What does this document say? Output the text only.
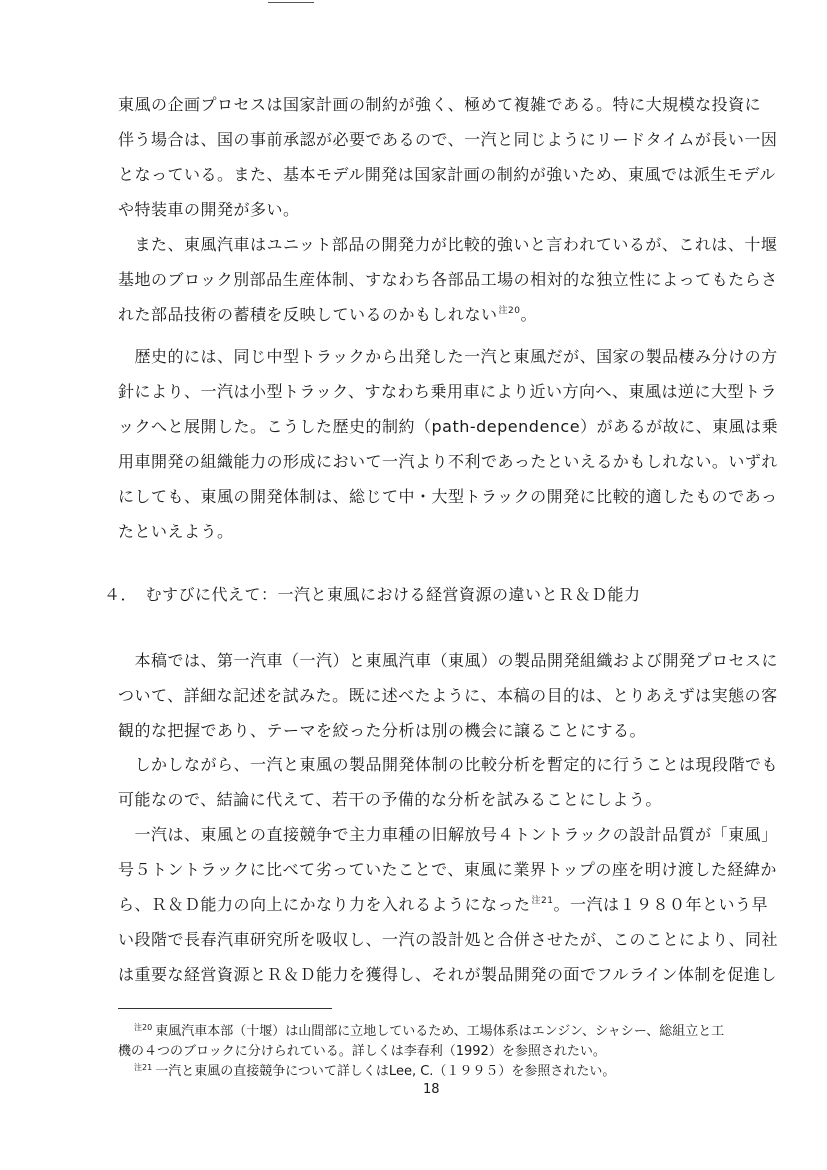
東風の企画プロセスは国家計画の制約が強く、極めて複雑である。特に大規模な投資に
伴う場合は、国の事前承認が必要であるので、一汽と同じようにリードタイムが長い一因
となっている。また、基本モデル開発は国家計画の制約が強いため、東風では派生モデル
や特装車の開発が多い。
　また、東風汽車はユニット部品の開発力が比較的強いと言われているが、これは、十堰
基地のブロック別部品生産体制、すなわち各部品工場の相対的な独立性によってもたらさ
れた部品技術の蓄積を反映しているのかもしれない$^{注20}$。
　歴史的には、同じ中型トラックから出発した一汽と東風だが、国家の製品棲み分けの方
針により、一汽は小型トラック、すなわち乗用車により近い方向へ、東風は逆に大型トラ
ックへと展開した。こうした歴史的制約（path-dependence）があるが故に、東風は乗
用車開発の組織能力の形成において一汽より不利であったといえるかもしれない。いずれ
にしても、東風の開発体制は、総じて中・大型トラックの開発に比較的適したものであっ
たといえよう。
４．　むすびに代えて：一汽と東風における経営資源の違いとＲ＆Ｄ能力
　本稿では、第一汽車（一汽）と東風汽車（東風）の製品開発組織および開発プロセスに
ついて、詳細な記述を試みた。既に述べたように、本稿の目的は、とりあえずは実態の客
観的な把握であり、テーマを絞った分析は別の機会に譲ることにする。
　しかしながら、一汽と東風の製品開発体制の比較分析を暫定的に行うことは現段階でも
可能なので、結論に代えて、若干の予備的な分析を試みることにしよう。
　一汽は、東風との直接競争で主力車種の旧解放号４トントラックの設計品質が「東風」
号５トントラックに比べて劣っていたことで、東風に業界トップの座を明け渡した経緯か
ら、Ｒ＆Ｄ能力の向上にかなり力を入れるようになった$^{注21}$。一汽は１９８０年という早
い段階で長春汽車研究所を吸収し、一汽の設計処と合併させたが、このことにより、同社
は重要な経営資源とＲ＆Ｄ能力を獲得し、それが製品開発の面でフルライン体制を促進し
$^{注20}$ 東風汽車本部（十堰）は山間部に立地しているため、工場体系はエンジン、シャシー、総組立と工
機の４つのブロックに分けられている。詳しくは李春利（1992）を参照されたい。
$^{注21}$ 一汽と東風の直接競争について詳しくはLee, C.（１９９５）を参照されたい。
18
